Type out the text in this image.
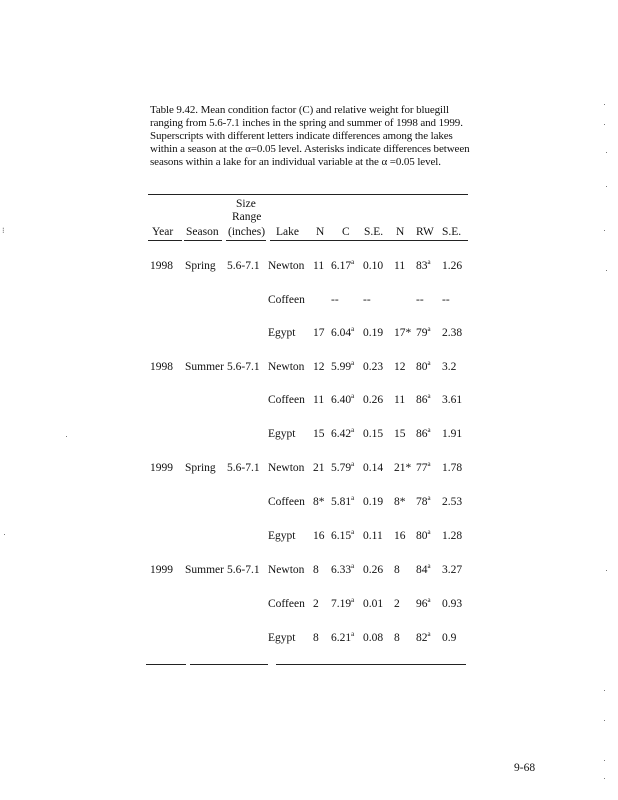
Table 9.42. Mean condition factor (C) and relative weight for bluegill ranging from 5.6-7.1 inches in the spring and summer of 1998 and 1999. Superscripts with different letters indicate differences among the lakes within a season at the α=0.05 level. Asterisks indicate differences between seasons within a lake for an individual variable at the α =0.05 level.
Size
Range
(inches)
Year Season	Lake N C S.E. N RW S.E.
1998 Spring 5.6-7.1 Newton 11 6.17$^a$ 0.10 11 83$^a$ 1.26
Coffeen -- --	-- --
Egypt 17 6.04$^a$ 0.19 17* 79$^a$ 2.38
1998 Summer 5.6-7.1 Newton 12 5.99$^a$ 0.23 12 80$^a$ 3.2
Coffeen 11 6.40$^a$ 0.26 11 86$^a$ 3.61
Egypt 15 6.42$^a$ 0.15 15 86$^a$ 1.91
1999 Spring 5.6-7.1 Newton 21 5.79$^a$ 0.14 21* 77$^a$ 1.78
Coffeen 8* 5.81$^a$ 0.19 8* 78$^a$ 2.53
Egypt 16 6.15$^a$ 0.11 16 80$^a$ 1.28
1999 Summer 5.6-7.1 Newton 8 6.33$^a$ 0.26 8 84$^a$ 3.27
Coffeen 2 7.19$^a$ 0.01 2 96$^a$ 0.93
Egypt 8 6.21$^a$ 0.08 8 82$^a$ 0.9
9-68
⁝
